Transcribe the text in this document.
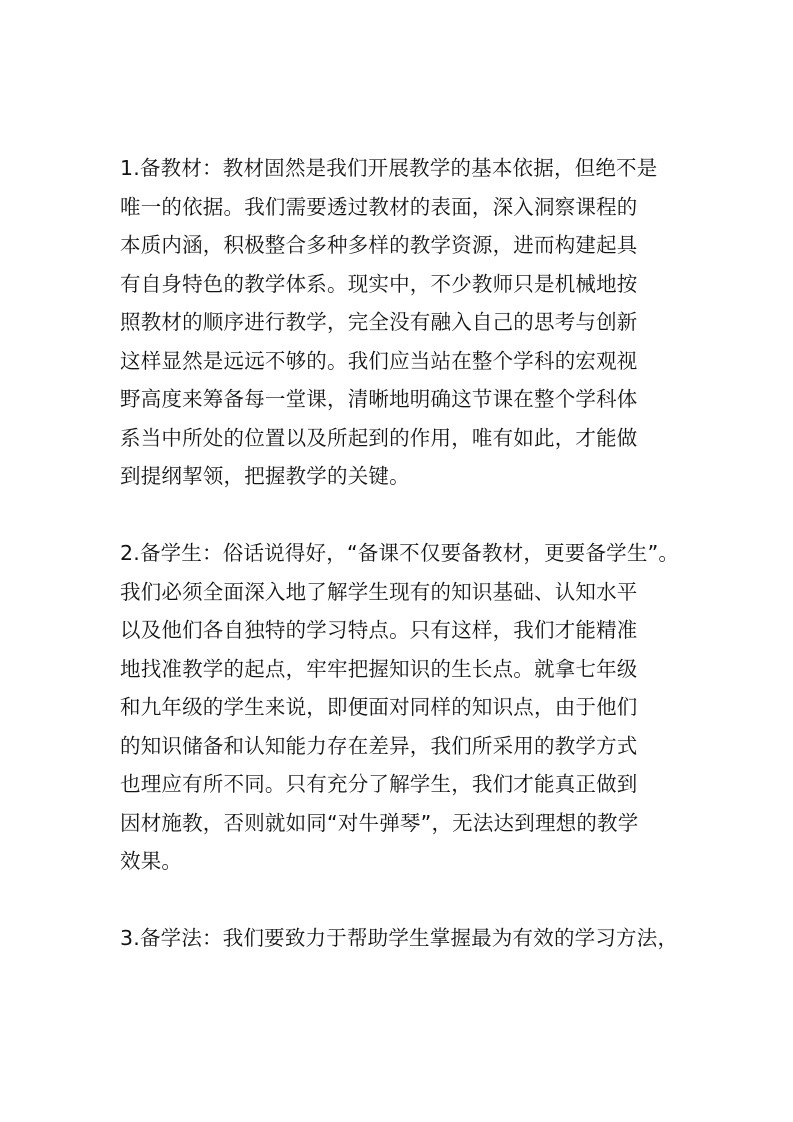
1.备教材：教材固然是我们开展教学的基本依据，但绝不是
唯一的依据。我们需要透过教材的表面，深入洞察课程的
本质内涵，积极整合多种多样的教学资源，进而构建起具
有自身特色的教学体系。现实中，不少教师只是机械地按
照教材的顺序进行教学，完全没有融入自己的思考与创新
这样显然是远远不够的。我们应当站在整个学科的宏观视
野高度来筹备每一堂课，清晰地明确这节课在整个学科体
系当中所处的位置以及所起到的作用，唯有如此，才能做
到提纲挈领，把握教学的关键。
2.备学生：俗话说得好，“备课不仅要备教材，更要备学生”。
我们必须全面深入地了解学生现有的知识基础、认知水平
以及他们各自独特的学习特点。只有这样，我们才能精准
地找准教学的起点，牢牢把握知识的生长点。就拿七年级
和九年级的学生来说，即便面对同样的知识点，由于他们
的知识储备和认知能力存在差异，我们所采用的教学方式
也理应有所不同。只有充分了解学生，我们才能真正做到
因材施教，否则就如同“对牛弹琴”，无法达到理想的教学
效果。
3.备学法：我们要致力于帮助学生掌握最为有效的学习方法，
